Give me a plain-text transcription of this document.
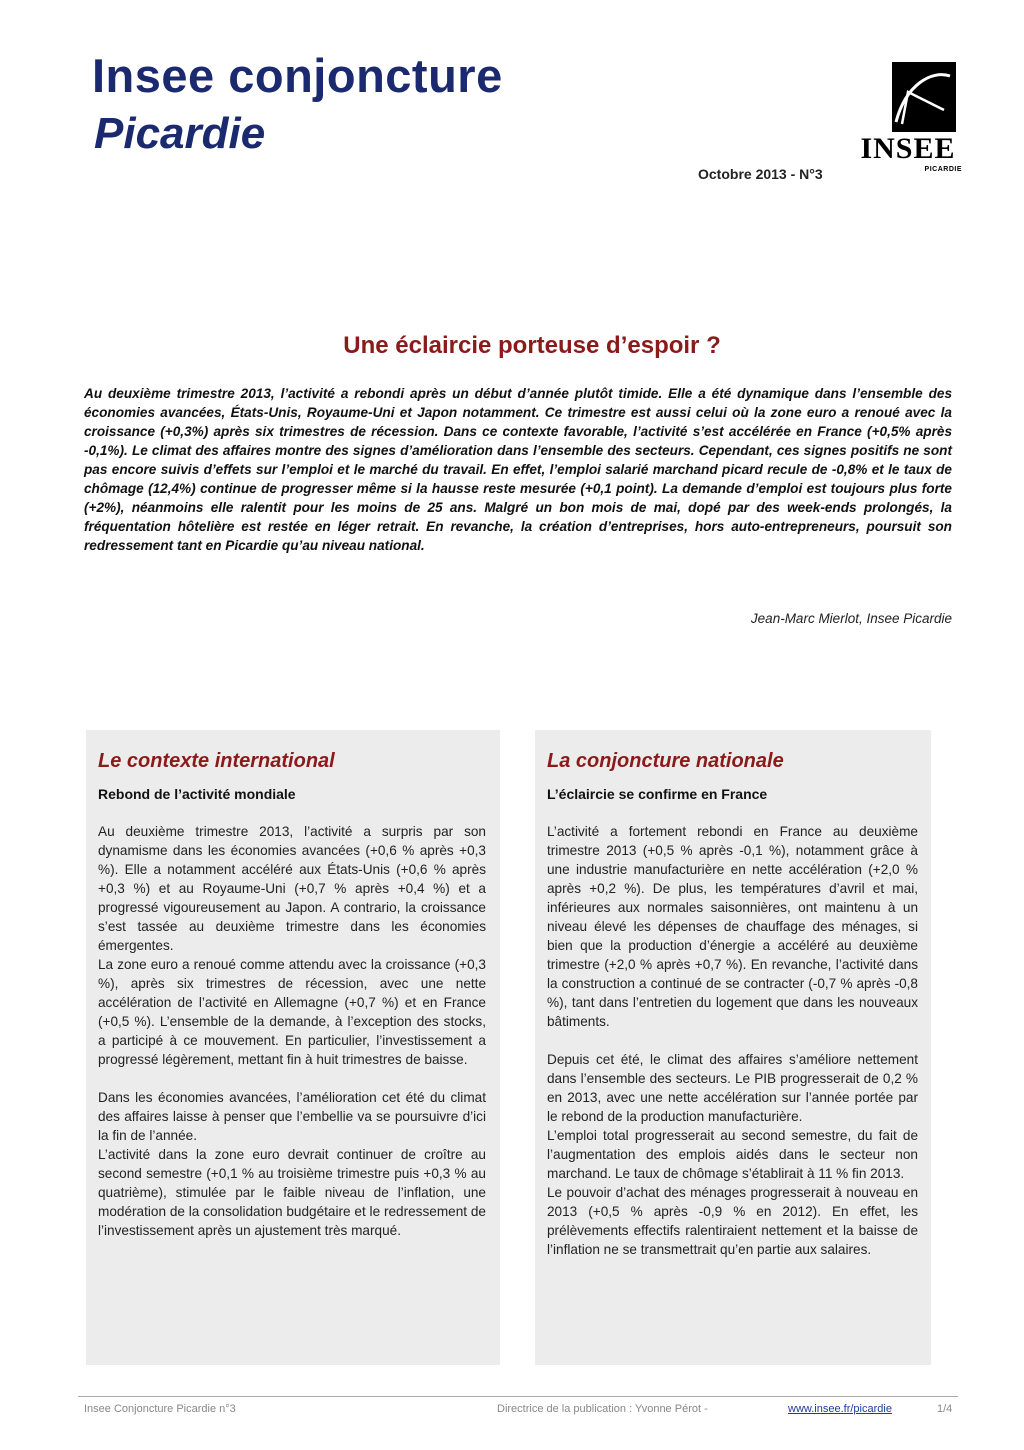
Insee conjoncture
Picardie
Octobre 2013 - N°3
INSEE
PICARDIE
Une éclaircie porteuse d’espoir ?
Au deuxième trimestre 2013, l’activité a rebondi après un début d’année plutôt timide. Elle a été dynamique dans l’ensemble des économies avancées, États-Unis, Royaume-Uni et Japon notamment. Ce trimestre est aussi celui où la zone euro a renoué avec la croissance (+0,3%) après six trimestres de récession. Dans ce contexte favorable, l’activité s’est accélérée en France (+0,5% après -0,1%). Le climat des affaires montre des signes d’amélioration dans l’ensemble des secteurs. Cependant, ces signes positifs ne sont pas encore suivis d’effets sur l’emploi et le marché du travail. En effet, l’emploi salarié marchand picard recule de -0,8% et le taux de chômage (12,4%) continue de progresser même si la hausse reste mesurée (+0,1 point). La demande d’emploi est toujours plus forte (+2%), néanmoins elle ralentit pour les moins de 25 ans. Malgré un bon mois de mai, dopé par des week-ends prolongés, la fréquentation hôtelière est restée en léger retrait. En revanche, la création d’entreprises, hors auto-entrepreneurs, poursuit son redressement tant en Picardie qu’au niveau national.
Jean-Marc Mierlot, Insee Picardie
Le contexte international
Rebond de l’activité mondiale

Au deuxième trimestre 2013, l’activité a surpris par son dynamisme dans les économies avancées (+0,6 % après +0,3 %). Elle a notamment accéléré aux États-Unis (+0,6 % après +0,3 %) et au Royaume-Uni (+0,7 % après +0,4 %) et a progressé vigoureusement au Japon. A contrario, la croissance s’est tassée au deuxième trimestre dans les économies émergentes.

La zone euro a renoué comme attendu avec la croissance (+0,3 %), après six trimestres de récession, avec une nette accélération de l’activité en Allemagne (+0,7 %) et en France (+0,5 %). L’ensemble de la demande, à l’exception des stocks, a participé à ce mouvement. En particulier, l’investissement a progressé légèrement, mettant fin à huit trimestres de baisse.

Dans les économies avancées, l’amélioration cet été du climat des affaires laisse à penser que l’embellie va se poursuivre d’ici la fin de l’année.

L’activité dans la zone euro devrait continuer de croître au second semestre (+0,1 % au troisième trimestre puis +0,3 % au quatrième), stimulée par le faible niveau de l’inflation, une modération de la consolidation budgétaire et le redressement de l’investissement après un ajustement très marqué.

La conjoncture nationale
L’éclaircie se confirme en France

L’activité a fortement rebondi en France au deuxième trimestre 2013 (+0,5 % après -0,1 %), notamment grâce à une industrie manufacturière en nette accélération (+2,0 % après +0,2 %). De plus, les températures d’avril et mai, inférieures aux normales saisonnières, ont maintenu à un niveau élevé les dépenses de chauffage des ménages, si bien que la production d’énergie a accéléré au deuxième trimestre (+2,0 % après +0,7 %). En revanche, l’activité dans la construction a continué de se contracter (-0,7 % après -0,8 %), tant dans l’entretien du logement que dans les nouveaux bâtiments.

Depuis cet été, le climat des affaires s’améliore nettement dans l’ensemble des secteurs. Le PIB progresserait de 0,2 % en 2013, avec une nette accélération sur l’année portée par le rebond de la production manufacturière.

L’emploi total progresserait au second semestre, du fait de l’augmentation des emplois aidés dans le secteur non marchand. Le taux de chômage s’établirait à 11 % fin 2013.

Le pouvoir d’achat des ménages progresserait à nouveau en 2013 (+0,5 % après -0,9 % en 2012). En effet, les prélèvements effectifs ralentiraient nettement et la baisse de l’inflation ne se transmettrait qu’en partie aux salaires.

Insee Conjoncture Picardie n°3	Directrice de la publication : Yvonne Pérot -	www.insee.fr/picardie	1/4
